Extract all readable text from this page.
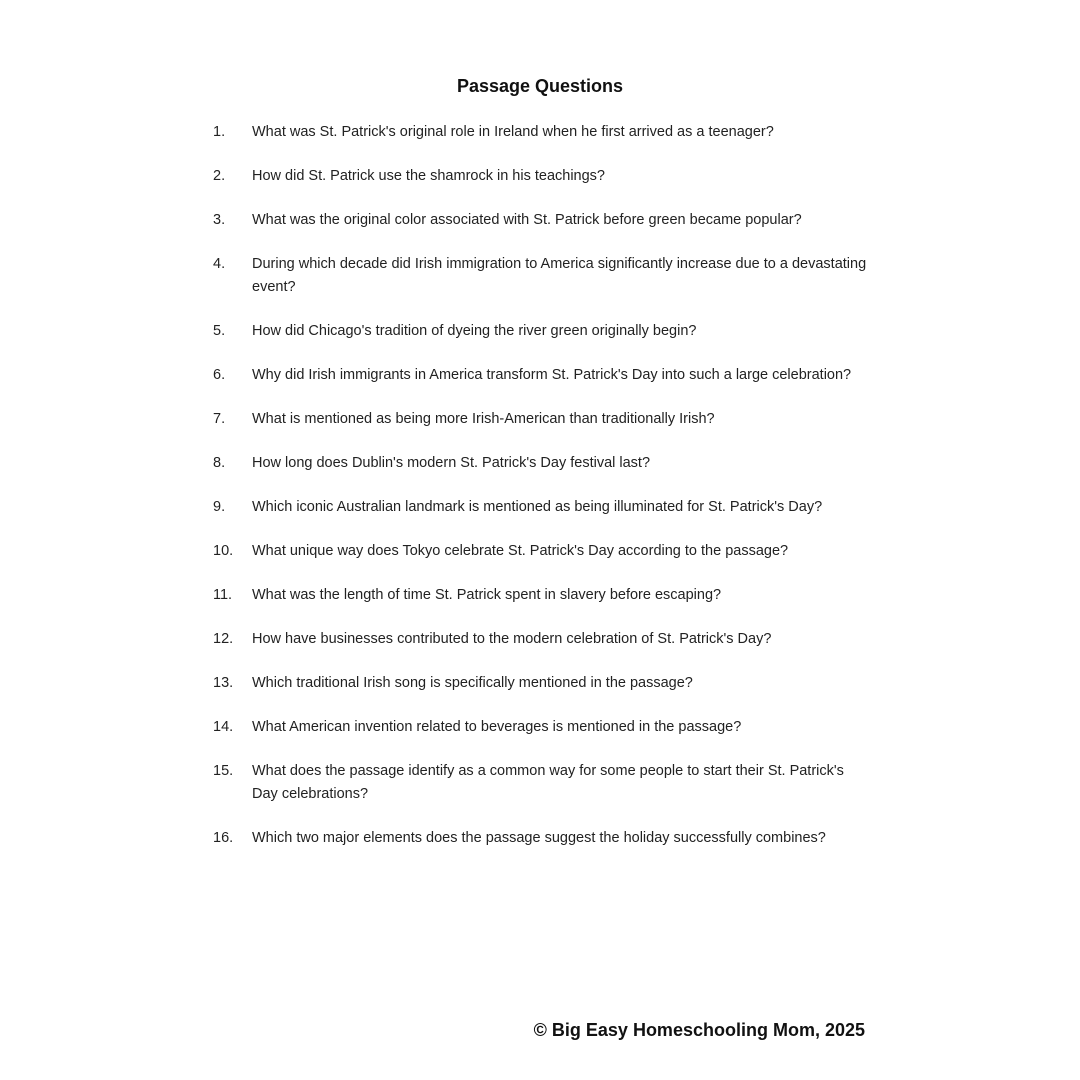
Passage Questions
1.	What was St. Patrick's original role in Ireland when he first arrived as a teenager?
2.	How did St. Patrick use the shamrock in his teachings?
3.	What was the original color associated with St. Patrick before green became popular?
4.	During which decade did Irish immigration to America significantly increase due to a devastating event?
5.	How did Chicago's tradition of dyeing the river green originally begin?
6.	Why did Irish immigrants in America transform St. Patrick's Day into such a large celebration?
7.	What is mentioned as being more Irish-American than traditionally Irish?
8.	How long does Dublin's modern St. Patrick's Day festival last?
9.	Which iconic Australian landmark is mentioned as being illuminated for St. Patrick's Day?
10.	What unique way does Tokyo celebrate St. Patrick's Day according to the passage?
11.	What was the length of time St. Patrick spent in slavery before escaping?
12.	How have businesses contributed to the modern celebration of St. Patrick's Day?
13.	Which traditional Irish song is specifically mentioned in the passage?
14.	What American invention related to beverages is mentioned in the passage?
15.	What does the passage identify as a common way for some people to start their St. Patrick's Day celebrations?
16.	Which two major elements does the passage suggest the holiday successfully combines?
© Big Easy Homeschooling Mom, 2025
